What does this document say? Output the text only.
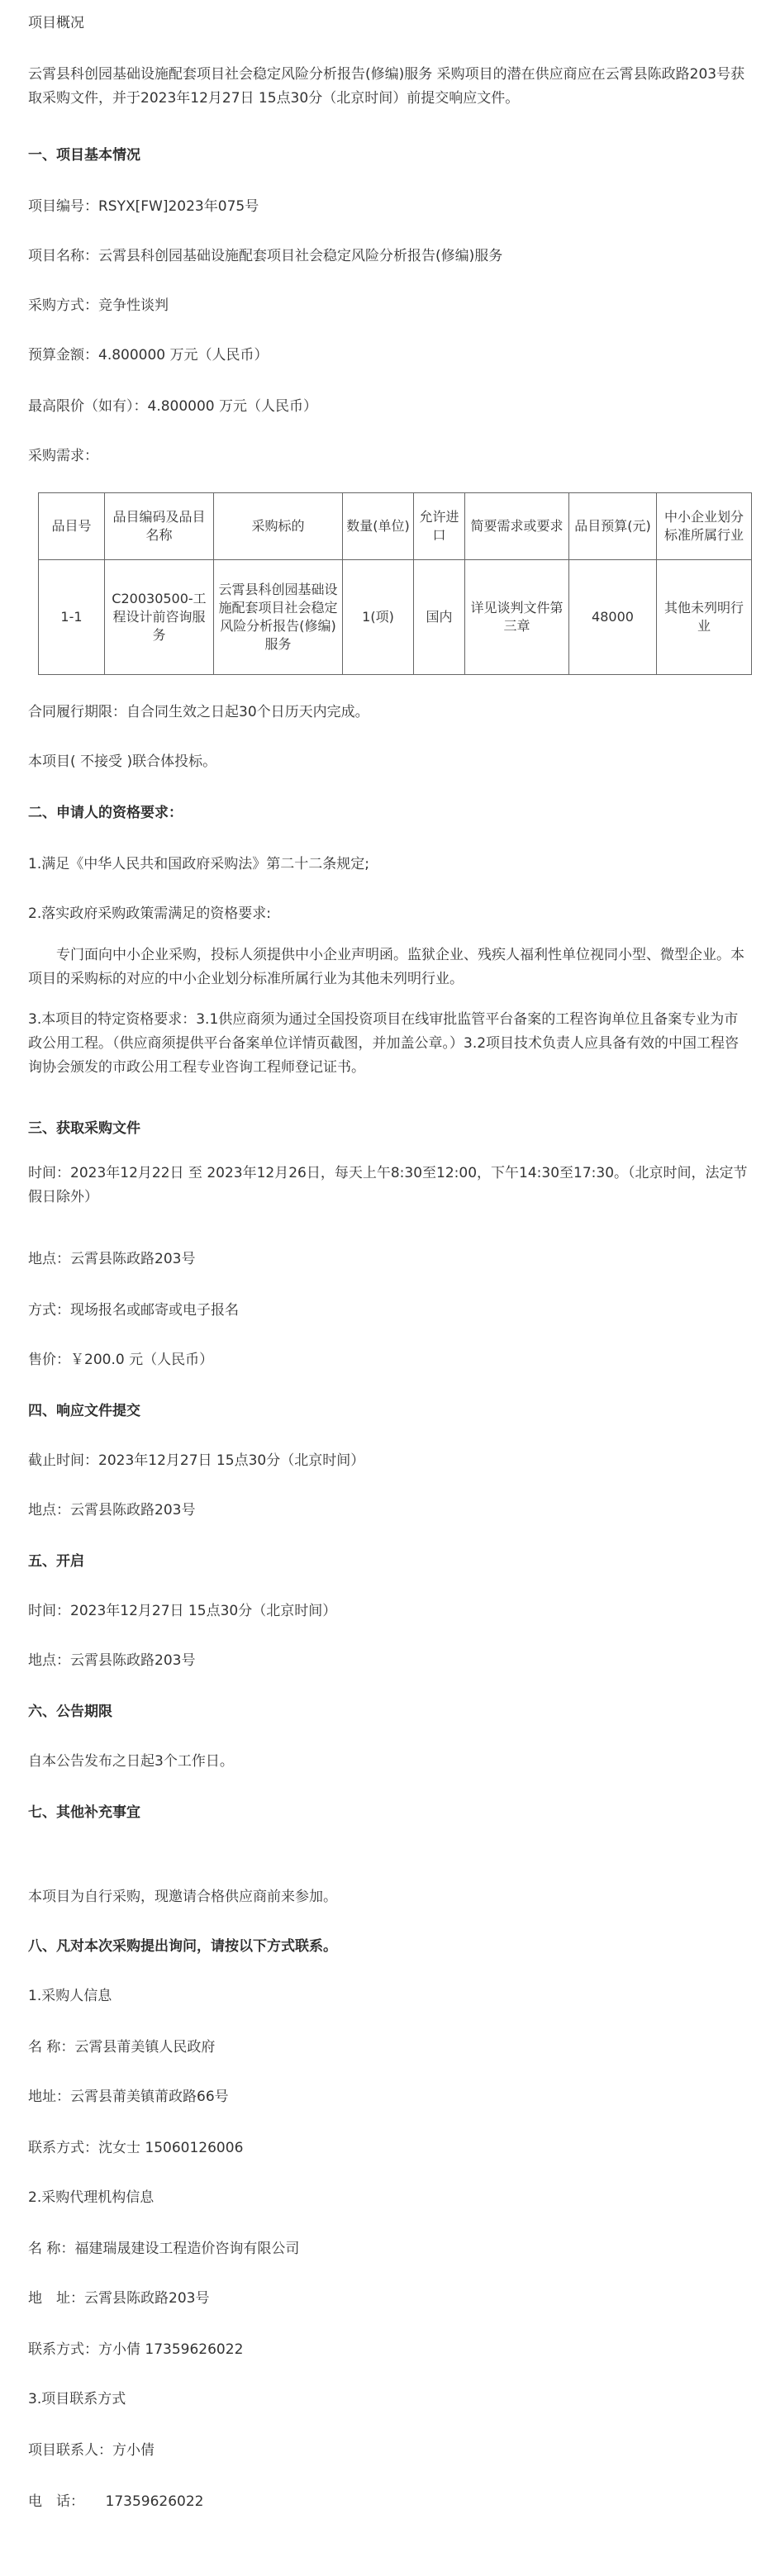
项目概况

云霄县科创园基础设施配套项目社会稳定风险分析报告(修编)服务 采购项目的潜在供应商应在云霄县陈政路203号获取采购文件，并于2023年12月27日 15点30分（北京时间）前提交响应文件。

一、项目基本情况

项目编号：RSYX[FW]2023年075号

项目名称：云霄县科创园基础设施配套项目社会稳定风险分析报告(修编)服务

采购方式：竞争性谈判

预算金额：4.800000 万元（人民币）

最高限价（如有）：4.800000 万元（人民币）

采购需求：

品目号	品目编码及品目名称	采购标的	数量(单位)	允许进口	简要需求或要求	品目预算(元)	中小企业划分标准所属行业
1-1	C20030500-工程设计前咨询服务	云霄县科创园基础设施配套项目社会稳定风险分析报告(修编)服务	1(项)	国内	详见谈判文件第三章	48000	其他未列明行业

合同履行期限：自合同生效之日起30个日历天内完成。

本项目( 不接受 )联合体投标。

二、申请人的资格要求：

1.满足《中华人民共和国政府采购法》第二十二条规定;

2.落实政府采购政策需满足的资格要求:

专门面向中小企业采购，投标人须提供中小企业声明函。监狱企业、残疾人福利性单位视同小型、微型企业。本项目的采购标的对应的中小企业划分标准所属行业为其他未列明行业。

3.本项目的特定资格要求：3.1供应商须为通过全国投资项目在线审批监管平台备案的工程咨询单位且备案专业为市政公用工程。（供应商须提供平台备案单位详情页截图，并加盖公章。）3.2项目技术负责人应具备有效的中国工程咨询协会颁发的市政公用工程专业咨询工程师登记证书。

三、获取采购文件

时间：2023年12月22日 至 2023年12月26日，每天上午8:30至12:00，下午14:30至17:30。（北京时间，法定节假日除外）

地点：云霄县陈政路203号

方式：现场报名或邮寄或电子报名

售价：￥200.0 元（人民币）

四、响应文件提交

截止时间：2023年12月27日 15点30分（北京时间）

地点：云霄县陈政路203号

五、开启

时间：2023年12月27日 15点30分（北京时间）

地点：云霄县陈政路203号

六、公告期限

自本公告发布之日起3个工作日。

七、其他补充事宜

本项目为自行采购，现邀请合格供应商前来参加。

八、凡对本次采购提出询问，请按以下方式联系。

1.采购人信息

名 称：云霄县莆美镇人民政府

地址：云霄县莆美镇莆政路66号

联系方式：沈女士 15060126006

2.采购代理机构信息

名 称：福建瑞晟建设工程造价咨询有限公司

地　址：云霄县陈政路203号

联系方式：方小倩 17359626022

3.项目联系方式

项目联系人：方小倩

电　话：　　17359626022
